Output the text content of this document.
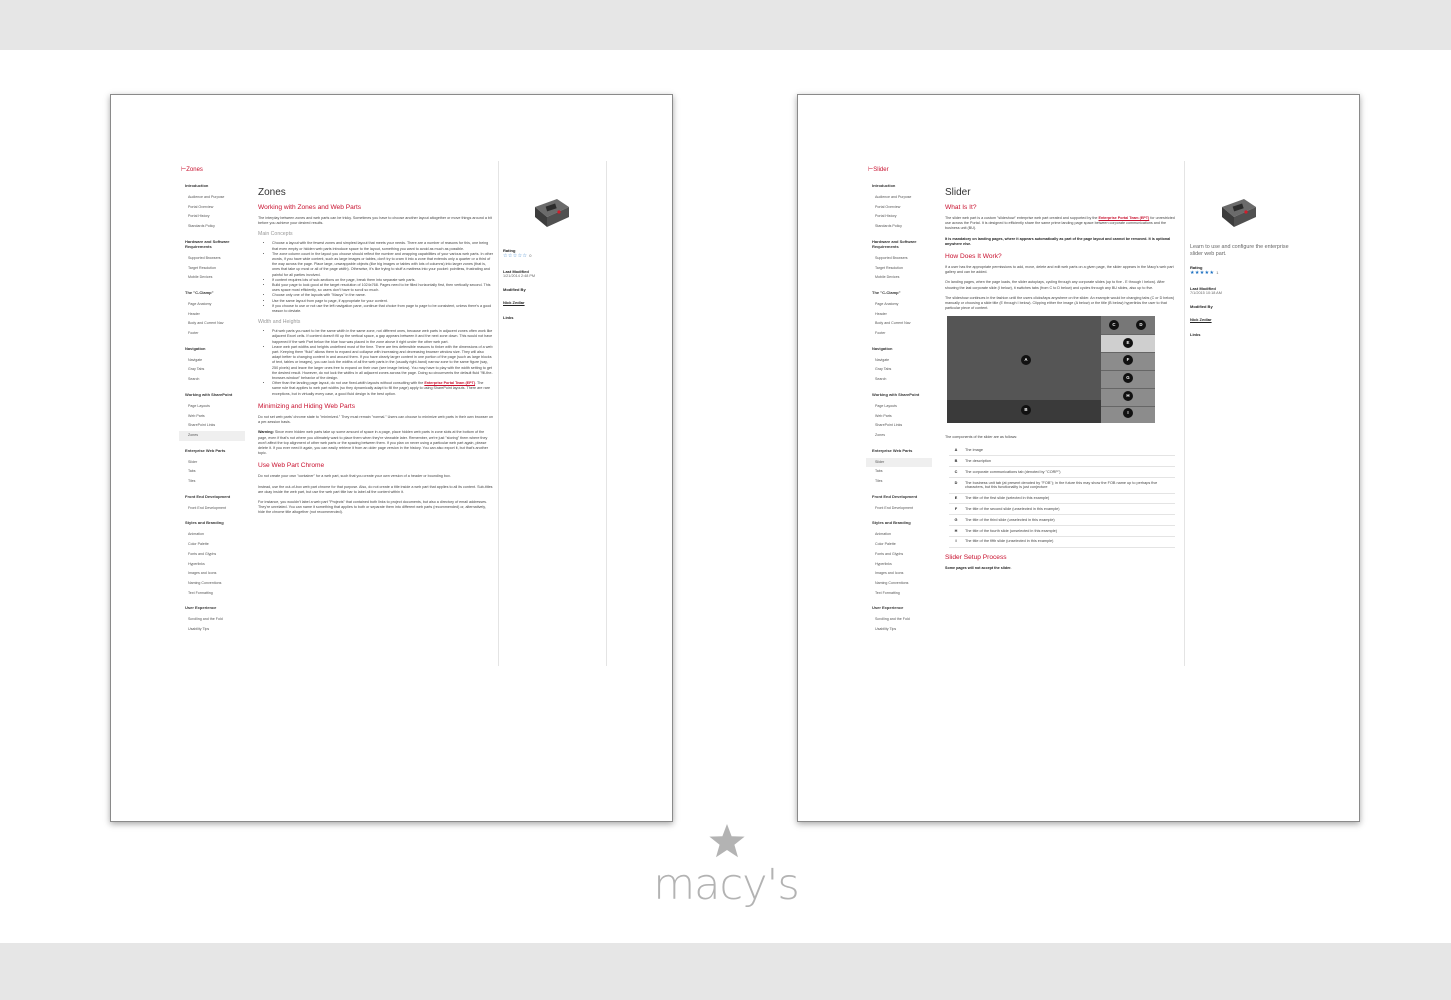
⊢Zones
Introduction
Audience and Purpose
Portal Overview
Portal History
Standards Policy
Hardware and Software Requirements
Supported Browsers
Target Resolution
Mobile Devices
The "C-Clamp"
Page Anatomy
Header
Body and Current Nav
Footer
Navigation
Navigate
Gray Tabs
Search
Working with SharePoint
Page Layouts
Web Parts
SharePoint Links
Zones
Enterprise Web Parts
Slider
Tabs
Tiles
Front End Development
Front End Development
Styles and Branding
Animation
Color Palette
Fonts and Glyphs
Hyperlinks
Images and Icons
Naming Conventions
Text Formatting
User Experience
Scrolling and the Fold
Usability Tips
Zones
Working with Zones and Web Parts
The interplay between zones and web parts can be tricky. Sometimes you have to choose another layout altogether or move things around a bit before you achieve your desired results.
Main Concepts
• Choose a layout with the fewest zones and simplest layout that meets your needs. There are a number of reasons for this, one being that even empty or hidden web parts introduce space to the layout, something you want to avoid as much as possible.
• The zone column count in the layout you choose should reflect the number and wrapping capabilities of your various web parts. In other words, if you have wide content, such as large images or tables, don't try to cram it into a zone that extends only a quarter or a third of the way across the page. Place large, unwrappable objects (like big images or tables with lots of columns) into larger zones (that is, ones that take up most or all of the page width). Otherwise, it's like trying to stuff a mattress into your pocket: pointless, frustrating and painful for all parties involved.
• If content requires lots of sub-sections on the page, break them into separate web parts.
• Build your page to look good at the target resolution of 1024x768. Pages need to be filled horizontally first, then vertically second. This uses space most efficiently, so users don't have to scroll so much.
• Choose only one of the layouts with "Macys" in the name.
• Use the same layout from page to page, if appropriate for your content.
• If you choose to use or not use the left navigation pane, continue that choice from page to page to be consistent, unless there's a good reason to deviate.
Width and Heights
• Put web parts you want to be the same width in the same zone, not different ones, because web parts in adjacent zones often work like adjacent Excel cells. If content doesn't fill up the vertical space, a gap appears between it and the next zone down. This would not have happened if the web Part below the blue how was placed in the zone above it right under the other web part.
• Leave web part widths and heights undefined most of the time. There are few defensible reasons to tinker with the dimensions of a web part. Keeping them "fluid" allows them to expand and collapse with increasing and decreasing browser window size. They will also adapt better to changing content in and around them. If you have clearly larger content in one portion of the page (such as large blocks of text, tables or images), you can lock the widths of all the web parts in the (usually right-hand) narrow zone to the same figure (say, 250 pixels) and leave the larger ones free to expand on their own (see image below). You may have to play with the width setting to get the desired result. However, do not lock the widths in all adjacent zones across the page. Doing so circumvents the default fluid "fill-the-browser-window" behavior of the design.
• Other than the landing page layout, do not use fixed-width layouts without consulting with the Enterprise Portal Team (EPT). The same rule that applies to web part widths (so they dynamically adapt to fill the page) apply to using SharePoint layouts. There are rare exceptions, but in virtually every case, a good fluid design is the best option.
Minimizing and Hiding Web Parts
Do not set web parts' chrome state to "minimized." They must remain "normal." Users can choose to minimize web parts in their own browser on a per-session basis.
Warning: Since even hidden web parts take up some amount of space in a page, place hidden web parts in zone slots at the bottom of the page, even if that's not where you ultimately want to place them when they're viewable later. Remember, we're just "storing" them where they won't affect the top alignment of other web parts or the spacing between them. If you plan on never using a particular web part again, please delete it. If you ever need it again, you can easily retrieve it from an older page version in the history. You can also export it, but that's another topic.
Use Web Part Chrome
Do not create your own "container" for a web part, such that you create your own version of a header or bounding box.
Instead, use the out-of-box web part chrome for that purpose. Also, do not create a title inside a web part that applies to all its content. Sub-titles are okay inside the web part, but use the web part title bar to label all the content within it.
For instance, you wouldn't label a web part "Projects" that contained both links to project documents, but also a directory of email addresses. They're unrelated. You can name it something that applies to both or separate them into different web parts (recommended) or, alternatively, hide the chrome title altogether (not recommended).
Rating
☆☆☆☆☆ 0
Last Modified
1/21/2014 2:48 PM
Modified By
Nick Zedlar
Links
⊢Slider
Introduction
Audience and Purpose
Portal Overview
Portal History
Standards Policy
Hardware and Software Requirements
Supported Browsers
Target Resolution
Mobile Devices
The "C-Clamp"
Page Anatomy
Header
Body and Current Nav
Footer
Navigation
Navigate
Gray Tabs
Search
Working with SharePoint
Page Layouts
Web Parts
SharePoint Links
Zones
Enterprise Web Parts
Slider
Tabs
Tiles
Front End Development
Front End Development
Styles and Branding
Animation
Color Palette
Fonts and Glyphs
Hyperlinks
Images and Icons
Naming Conventions
Text Formatting
User Experience
Scrolling and the Fold
Usability Tips
Slider
What Is It?
The slider web part is a custom "slideshow" enterprise web part created and supported by the Enterprise Portal Team (EPT) for unrestricted use across the Portal. It is designed to efficiently share the same prime landing page space between corporate communications and the business unit (BU).
It is mandatory on landing pages, where it appears automatically as part of the page layout and cannot be removed. It is optional anywhere else.
How Does It Work?
If a user has the appropriate permissions to add, move, delete and edit web parts on a given page, the slider appears in the Macy's web part gallery and can be added.
On landing pages, when the page loads, the slider autoplays, cycling through any corporate slides (up to five - E through I below). After showing the last corporate slide (I below), it switches tabs (from C to D below) and cycles through any BU slides, also up to five.
The slideshow continues in the fashion until the users clicks/taps anywhere on the slider. An example would be changing tabs (C or D below) manually or choosing a slide title (E through I below). Clipping either the image (A below) or the title (B below) hyperlinks the user to that particular piece of content.
A
B
C	D
E
F
G
H
I
The components of the slider are as follows:
A	The image
B	The description
C	The corporate communications tab (denoted by "CORP")
D	The business unit tab (at present denoted by "FOB"); in the future this may show the FOB name up to perhaps five characters, but this functionality is just conjecture
E	The title of the first slide (selected in this example)
F	The title of the second slide (unselected in this example)
G	The title of the third slide (unselected in this example)
H	The title of the fourth slide (unselected in this example)
I	The title of the fifth slide (unselected in this example)
Slider Setup Process
Some pages will not accept the slider.
Learn to use and configure the enterprise slider web part.
Rating
★★★★★ 1
Last Modified
7/1/2015 10:18 AM
Modified By
Nick Zedlar
Links
macy's
